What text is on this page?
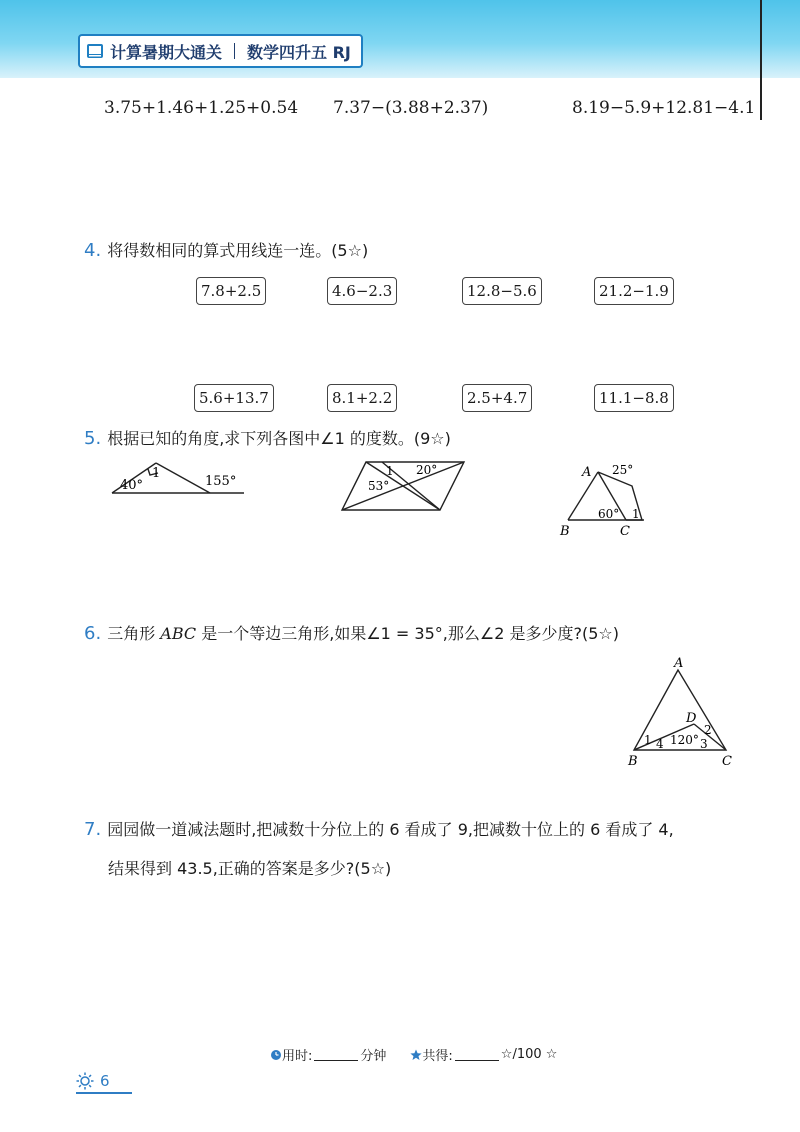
计算暑期大通关 数学四升五 RJ
3.75+1.46+1.25+0.54 7.37−(3.88+2.37)	8.19−5.9+12.81−4.1
4. 将得数相同的算式用线连一连。(5☆)
7.8+2.5	4.6−2.3	12.8−5.6	21.2−1.9
5.6+13.7	8.1+2.2	2.5+4.7	11.1−8.8
5. 根据已知的角度,求下列各图中∠1 的度数。(9☆)
1
40°	155°
1 20°
53°
A 25°
60° 1
B	C
6. 三角形 ABC 是一个等边三角形,如果∠1 = 35°,那么∠2 是多少度?(5☆)
A
D
1 4 120°
2
3
B	C
7. 园园做一道减法题时,把减数十分位上的 6 看成了 9,把减数十位上的 6 看成了 4,
结果得到 43.5,正确的答案是多少?(5☆)
用时:	分钟	共得:	☆/100 ☆
6
